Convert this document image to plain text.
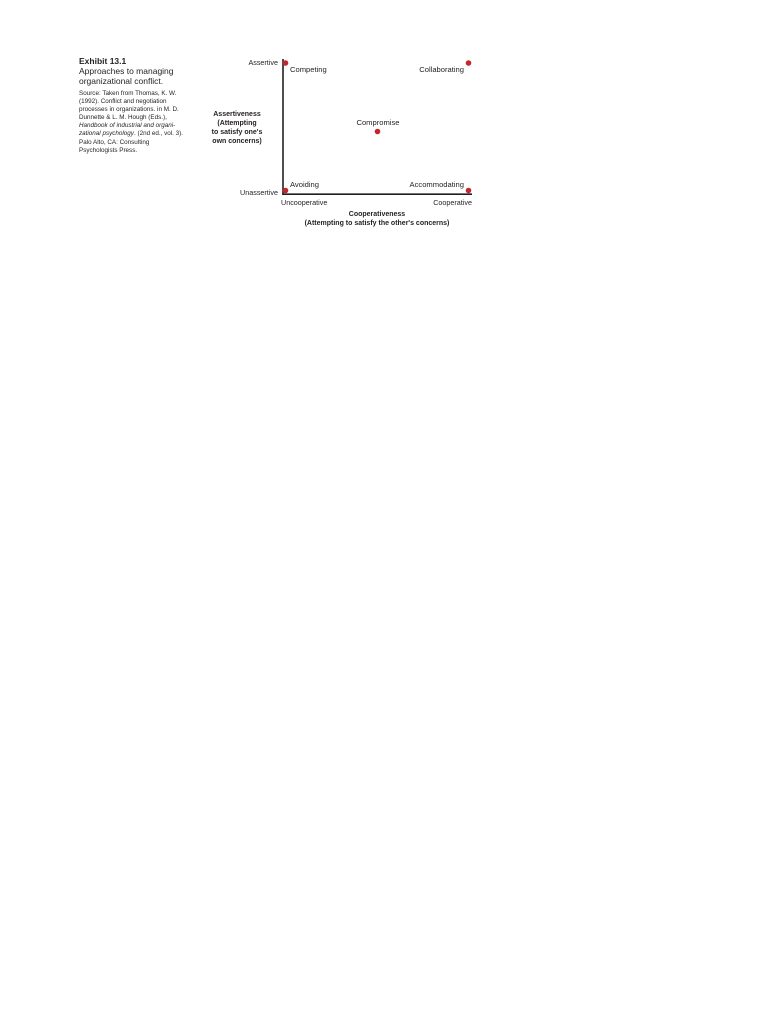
Exhibit 13.1

Approaches to managing
organizational conflict.

Source: Taken from Thomas, K. W.
(1992). Conflict and negotiation
processes in organizations. in M. D.
Dunnette & L. M. Hough (Eds.),
Handbook of industrial and organi-
zational psychology. (2nd ed., vol. 3).
Palo Alto, CA: Consulting
Psychologists Press.

Assertive
Unassertive
Assertiveness
(Attempting
to satisfy one's
own concerns)
Uncooperative	Cooperative
Cooperativeness
(Attempting to satisfy the other's concerns)
Competing	Collaborating
Compromise
Avoiding	Accommodating
